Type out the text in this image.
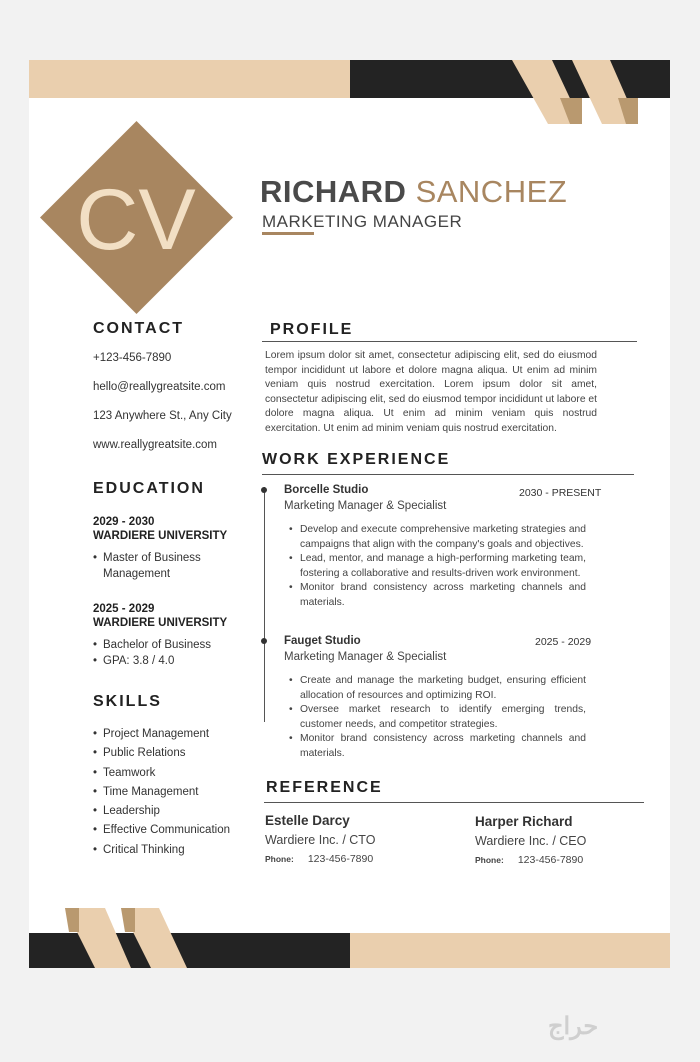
CV RICHARD SANCHEZ
MARKETING MANAGER
CONTACT
+123-456-7890
hello@reallygreatsite.com
123 Anywhere St., Any City
www.reallygreatsite.com
EDUCATION
2029 - 2030
WARDIERE UNIVERSITY
• Master of Business
Management
2025 - 2029
WARDIERE UNIVERSITY
• Bachelor of Business
• GPA: 3.8 / 4.0
SKILLS
• Project Management
• Public Relations
• Teamwork
• Time Management
• Leadership
• Effective Communication
• Critical Thinking
PROFILE
Lorem ipsum dolor sit amet, consectetur adipiscing elit, sed do eiusmod tempor incididunt ut labore et dolore magna aliqua. Ut enim ad minim veniam quis nostrud exercitation. Lorem ipsum dolor sit amet, consectetur adipiscing elit, sed do eiusmod tempor incididunt ut labore et dolore magna aliqua. Ut enim ad minim veniam quis nostrud exercitation. Ut enim ad minim veniam quis nostrud exercitation.
WORK EXPERIENCE
Borcelle Studio	2030 - PRESENT
Marketing Manager & Specialist
• Develop and execute comprehensive marketing strategies and campaigns that align with the company's goals and objectives.
• Lead, mentor, and manage a high-performing marketing team, fostering a collaborative and results-driven work environment.
• Monitor brand consistency across marketing channels and materials.
Fauget Studio	2025 - 2029
Marketing Manager & Specialist
• Create and manage the marketing budget, ensuring efficient allocation of resources and optimizing ROI.
• Oversee market research to identify emerging trends, customer needs, and competitor strategies.
• Monitor brand consistency across marketing channels and materials.
REFERENCE
Estelle Darcy
Wardiere Inc. / CTO
Phone: 123-456-7890
Harper Richard
Wardiere Inc. / CEO
Phone: 123-456-7890
حراج
